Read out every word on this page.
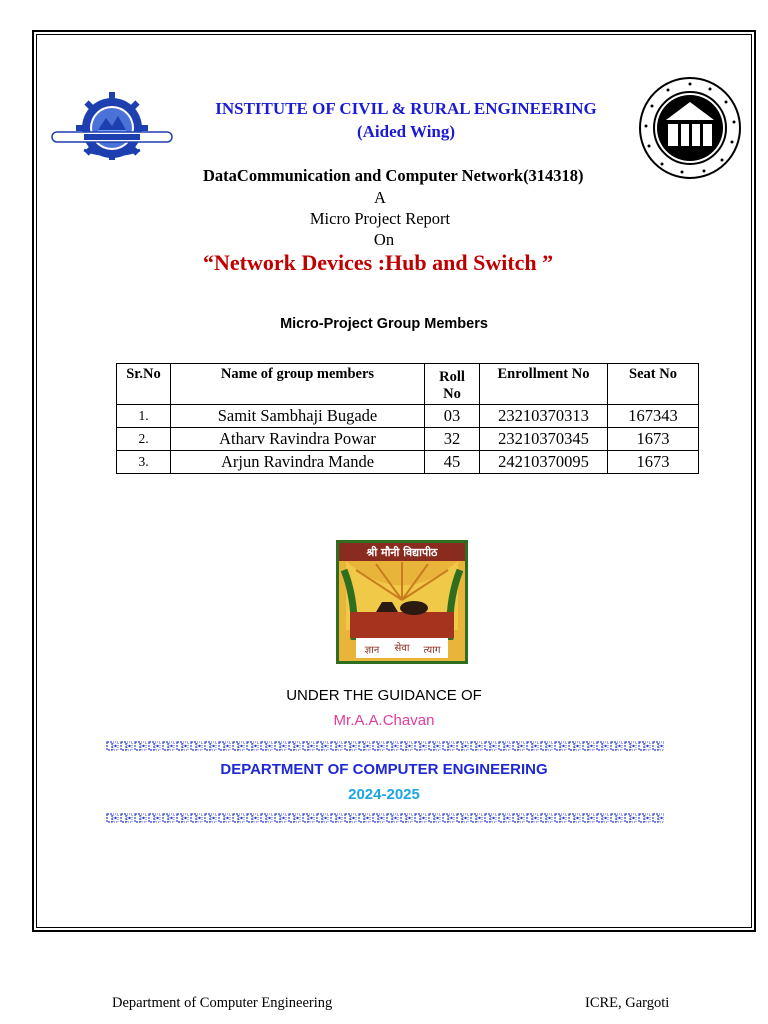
INSTITUTE OF CIVIL & RURAL ENGINEERING
(Aided Wing)
DataCommunication and Computer Network(314318)
A
Micro Project Report
On
“Network Devices :Hub and Switch ”
Micro-Project Group Members
Sr.No	Name of group members	Roll No	Enrollment No	Seat No
1.	Samit Sambhaji Bugade	03	23210370313	167343
2.	Atharv Ravindra Powar	32	23210370345	1673
3.	Arjun Ravindra Mande	45	24210370095	1673
श्री मौनी विद्यापीठ
ज्ञान सेवा त्याग
UNDER THE GUIDANCE OF
Mr.A.A.Chavan
DEPARTMENT OF COMPUTER ENGINEERING
2024-2025
Department of Computer Engineering	ICRE, Gargoti
